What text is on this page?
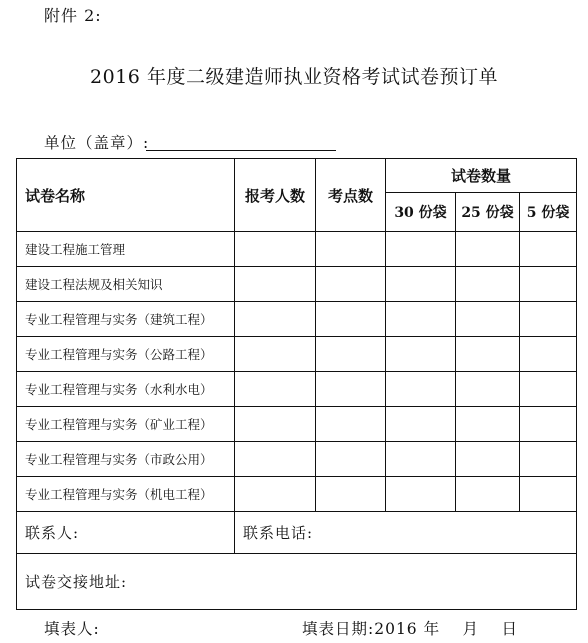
附件 2:
2016 年度二级建造师执业资格考试试卷预订单
单位（盖章）:
试卷名称	报考人数	考点数	试卷数量		
			30 份袋	25 份袋	5 份袋
建设工程施工管理					
建设工程法规及相关知识					
专业工程管理与实务（建筑工程）					
专业工程管理与实务（公路工程）					
专业工程管理与实务（水利水电）					
专业工程管理与实务（矿业工程）					
专业工程管理与实务（市政公用）					
专业工程管理与实务（机电工程）					
联系人:	联系电话:				
试卷交接地址:					
填表人:	填表日期:2016 年　 月　 日
